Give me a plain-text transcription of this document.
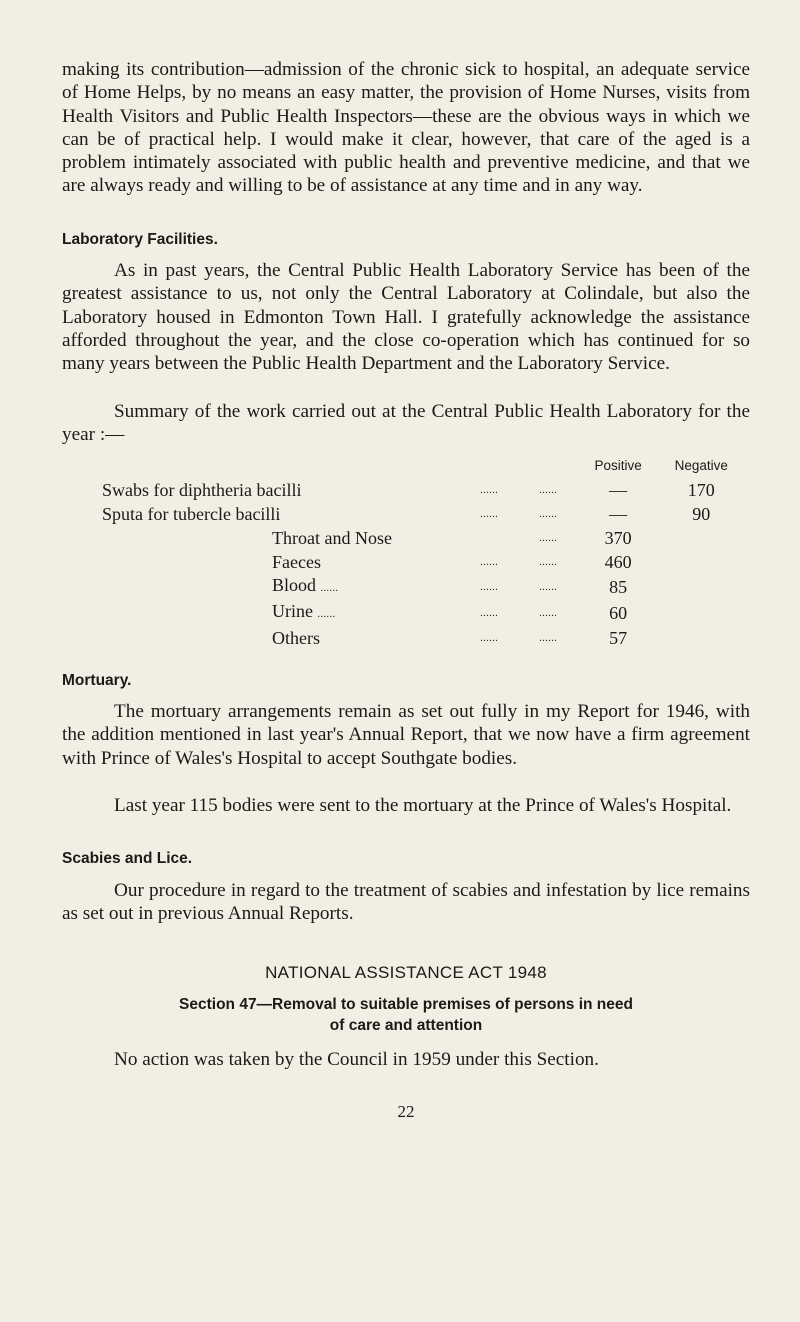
making its contribution—admission of the chronic sick to hospital, an adequate service of Home Helps, by no means an easy matter, the provision of Home Nurses, visits from Health Visitors and Public Health Inspectors—these are the obvious ways in which we can be of practical help. I would make it clear, however, that care of the aged is a problem intimately associated with public health and preventive medicine, and that we are always ready and willing to be of assistance at any time and in any way.

Laboratory Facilities.

As in past years, the Central Public Health Laboratory Service has been of the greatest assistance to us, not only the Central Laboratory at Colindale, but also the Laboratory housed in Edmonton Town Hall. I gratefully acknowledge the assistance afforded throughout the year, and the close co-operation which has continued for so many years between the Public Health Department and the Laboratory Service.

Summary of the work carried out at the Central Public Health Laboratory for the year :—

			Positive	Negative
Swabs for diphtheria bacilli	......	......	—	170
Sputa for tubercle bacilli	......	......	—	90
Throat and Nose		......	370	
Faeces	......	......	460	
Blood ......	......	......	85	
Urine ......	......	......	60	
Others	......	......	57	
Mortuary.

The mortuary arrangements remain as set out fully in my Report for 1946, with the addition mentioned in last year's Annual Report, that we now have a firm agreement with Prince of Wales's Hospital to accept Southgate bodies.

Last year 115 bodies were sent to the mortuary at the Prince of Wales's Hospital.

Scabies and Lice.

Our procedure in regard to the treatment of scabies and infestation by lice remains as set out in previous Annual Reports.

NATIONAL ASSISTANCE ACT 1948
Section 47—Removal to suitable premises of persons in need
of care and attention

No action was taken by the Council in 1959 under this Section.

22
